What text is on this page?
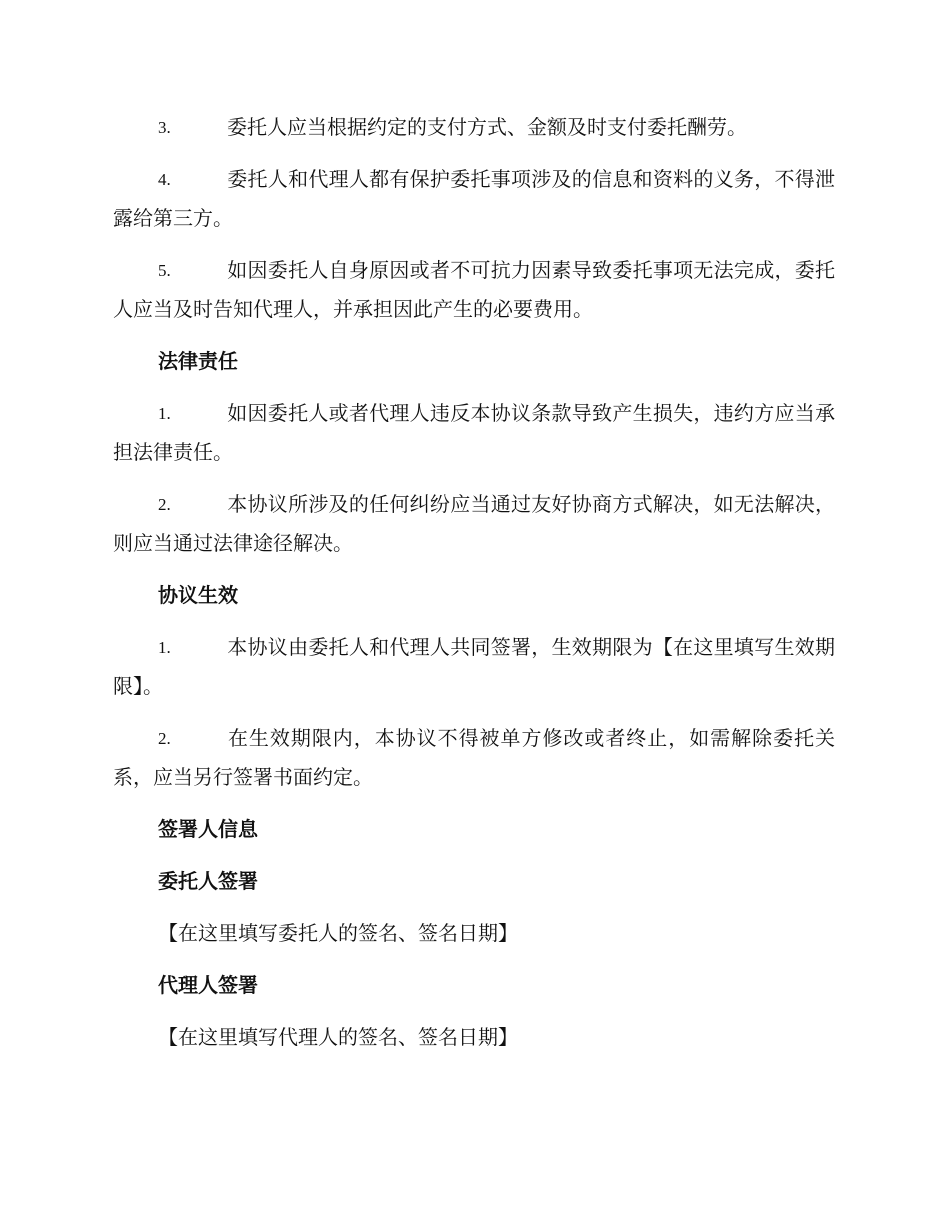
3.	委托人应当根据约定的支付方式、金额及时支付委托酬劳。
4.	委托人和代理人都有保护委托事项涉及的信息和资料的义务，不得泄露给第三方。
5.	如因委托人自身原因或者不可抗力因素导致委托事项无法完成，委托人应当及时告知代理人，并承担因此产生的必要费用。
法律责任
1.	如因委托人或者代理人违反本协议条款导致产生损失，违约方应当承担法律责任。
2.	本协议所涉及的任何纠纷应当通过友好协商方式解决，如无法解决，则应当通过法律途径解决。
协议生效
1.	本协议由委托人和代理人共同签署，生效期限为【在这里填写生效期限】。
2.	在生效期限内，本协议不得被单方修改或者终止，如需解除委托关系，应当另行签署书面约定。
签署人信息
委托人签署
【在这里填写委托人的签名、签名日期】
代理人签署
【在这里填写代理人的签名、签名日期】
